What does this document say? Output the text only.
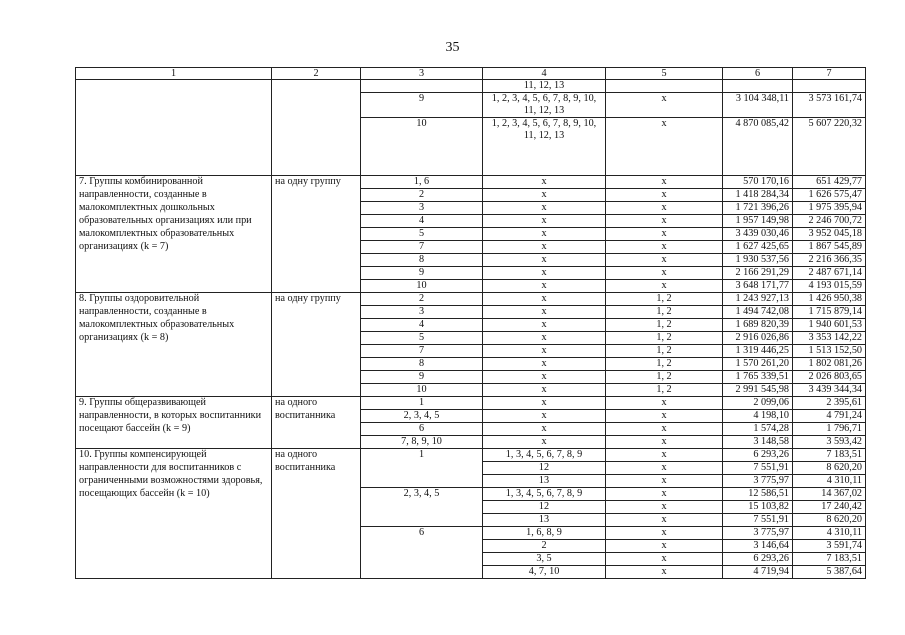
35
1	2	3	4	5	6	7
			11, 12, 13			
		9	1, 2, 3, 4, 5, 6, 7, 8, 9, 10, 11, 12, 13	x	3 104 348,11	3 573 161,74
		10	1, 2, 3, 4, 5, 6, 7, 8, 9, 10, 11, 12, 13	x	4 870 085,42	5 607 220,32
7. Группы комбинированной направленности, созданные в малокомплектных дошкольных образовательных организациях или при малокомплектных образовательных организациях (k = 7)	на одну группу	1, 6	x	x	570 170,16	651 429,77
		2	x	x	1 418 284,34	1 626 575,47
		3	x	x	1 721 396,26	1 975 395,94
		4	x	x	1 957 149,98	2 246 700,72
		5	x	x	3 439 030,46	3 952 045,18
		7	x	x	1 627 425,65	1 867 545,89
		8	x	x	1 930 537,56	2 216 366,35
		9	x	x	2 166 291,29	2 487 671,14
		10	x	x	3 648 171,77	4 193 015,59
8. Группы оздоровительной направленности, созданные в малокомплектных образовательных организациях (k = 8)	на одну группу	2	x	1, 2	1 243 927,13	1 426 950,38
		3	x	1, 2	1 494 742,08	1 715 879,14
		4	x	1, 2	1 689 820,39	1 940 601,53
		5	x	1, 2	2 916 026,86	3 353 142,22
		7	x	1, 2	1 319 446,25	1 513 152,50
		8	x	1, 2	1 570 261,20	1 802 081,26
		9	x	1, 2	1 765 339,51	2 026 803,65
		10	x	1, 2	2 991 545,98	3 439 344,34
9. Группы общеразвивающей направленности, в которых воспитанники посещают бассейн (k = 9)	на одного воспитанника	1	x	x	2 099,06	2 395,61
		2, 3, 4, 5	x	x	4 198,10	4 791,24
		6	x	x	1 574,28	1 796,71
		7, 8, 9, 10	x	x	3 148,58	3 593,42
10. Группы компенсирующей направленности для воспитанников с ограниченными возможностями здоровья, посещающих бассейн (k = 10)	на одного воспитанника	1	1, 3, 4, 5, 6, 7, 8, 9	x	6 293,26	7 183,51
			12	x	7 551,91	8 620,20
			13	x	3 775,97	4 310,11
		2, 3, 4, 5	1, 3, 4, 5, 6, 7, 8, 9	x	12 586,51	14 367,02
			12	x	15 103,82	17 240,42
			13	x	7 551,91	8 620,20
		6	1, 6, 8, 9	x	3 775,97	4 310,11
			2	x	3 146,64	3 591,74
			3, 5	x	6 293,26	7 183,51
			4, 7, 10	x	4 719,94	5 387,64
